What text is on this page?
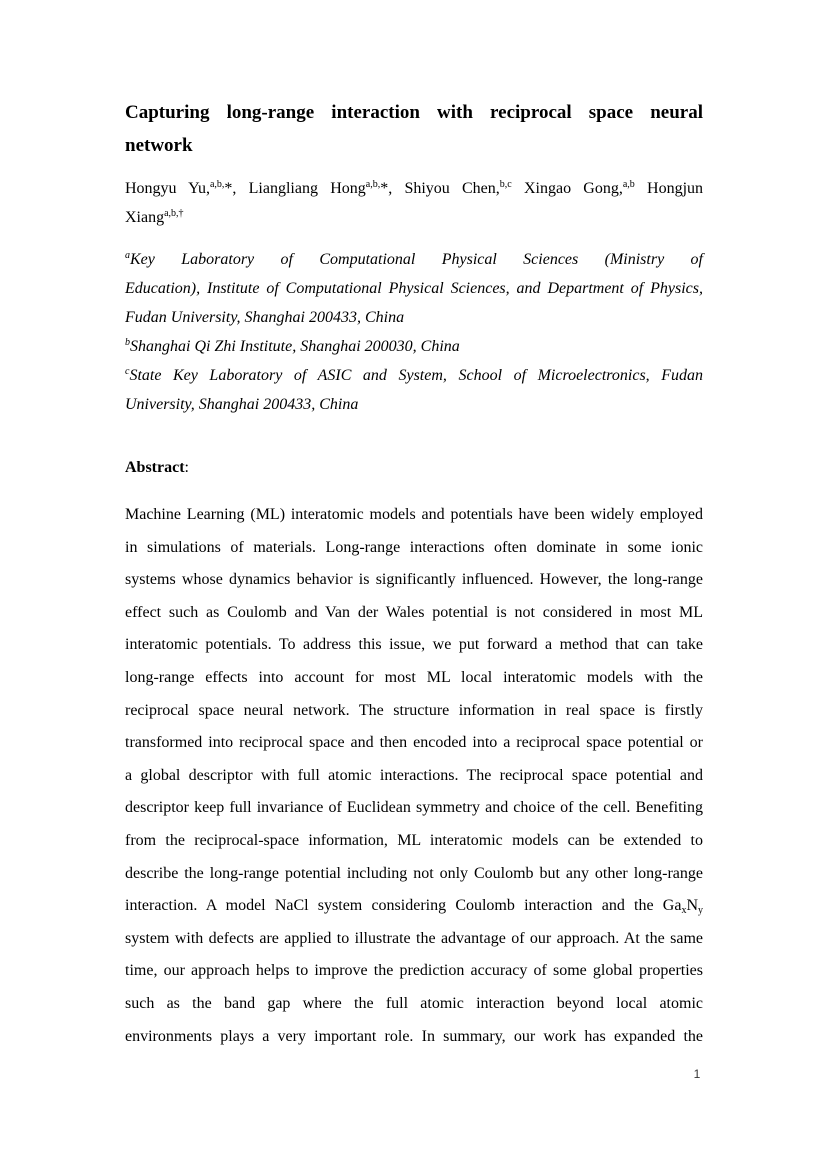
Capturing long-range interaction with reciprocal space neural
network
Hongyu Yu,$^{a,b,}$*, Liangliang Hong$^{a,b,}$*, Shiyou Chen,$^{b,c}$ Xingao Gong,$^{a,b}$ Hongjun
Xiang$^{a,b,\dagger}$
$^a$Key Laboratory of Computational Physical Sciences (Ministry of
Education), Institute of Computational Physical Sciences, and Department of Physics,
Fudan University, Shanghai 200433, China
$^b$Shanghai Qi Zhi Institute, Shanghai 200030, China
$^c$State Key Laboratory of ASIC and System, School of Microelectronics, Fudan
University, Shanghai 200433, China
Abstract:
Machine Learning (ML) interatomic models and potentials have been widely employed
in simulations of materials. Long-range interactions often dominate in some ionic
systems whose dynamics behavior is significantly influenced. However, the long-range
effect such as Coulomb and Van der Wales potential is not considered in most ML
interatomic potentials. To address this issue, we put forward a method that can take
long-range effects into account for most ML local interatomic models with the
reciprocal space neural network. The structure information in real space is firstly
transformed into reciprocal space and then encoded into a reciprocal space potential or
a global descriptor with full atomic interactions. The reciprocal space potential and
descriptor keep full invariance of Euclidean symmetry and choice of the cell. Benefiting
from the reciprocal-space information, ML interatomic models can be extended to
describe the long-range potential including not only Coulomb but any other long-range
interaction. A model NaCl system considering Coulomb interaction and the $Ga_xN_y$
system with defects are applied to illustrate the advantage of our approach. At the same
time, our approach helps to improve the prediction accuracy of some global properties
such as the band gap where the full atomic interaction beyond local atomic
environments plays a very important role. In summary, our work has expanded the
1
